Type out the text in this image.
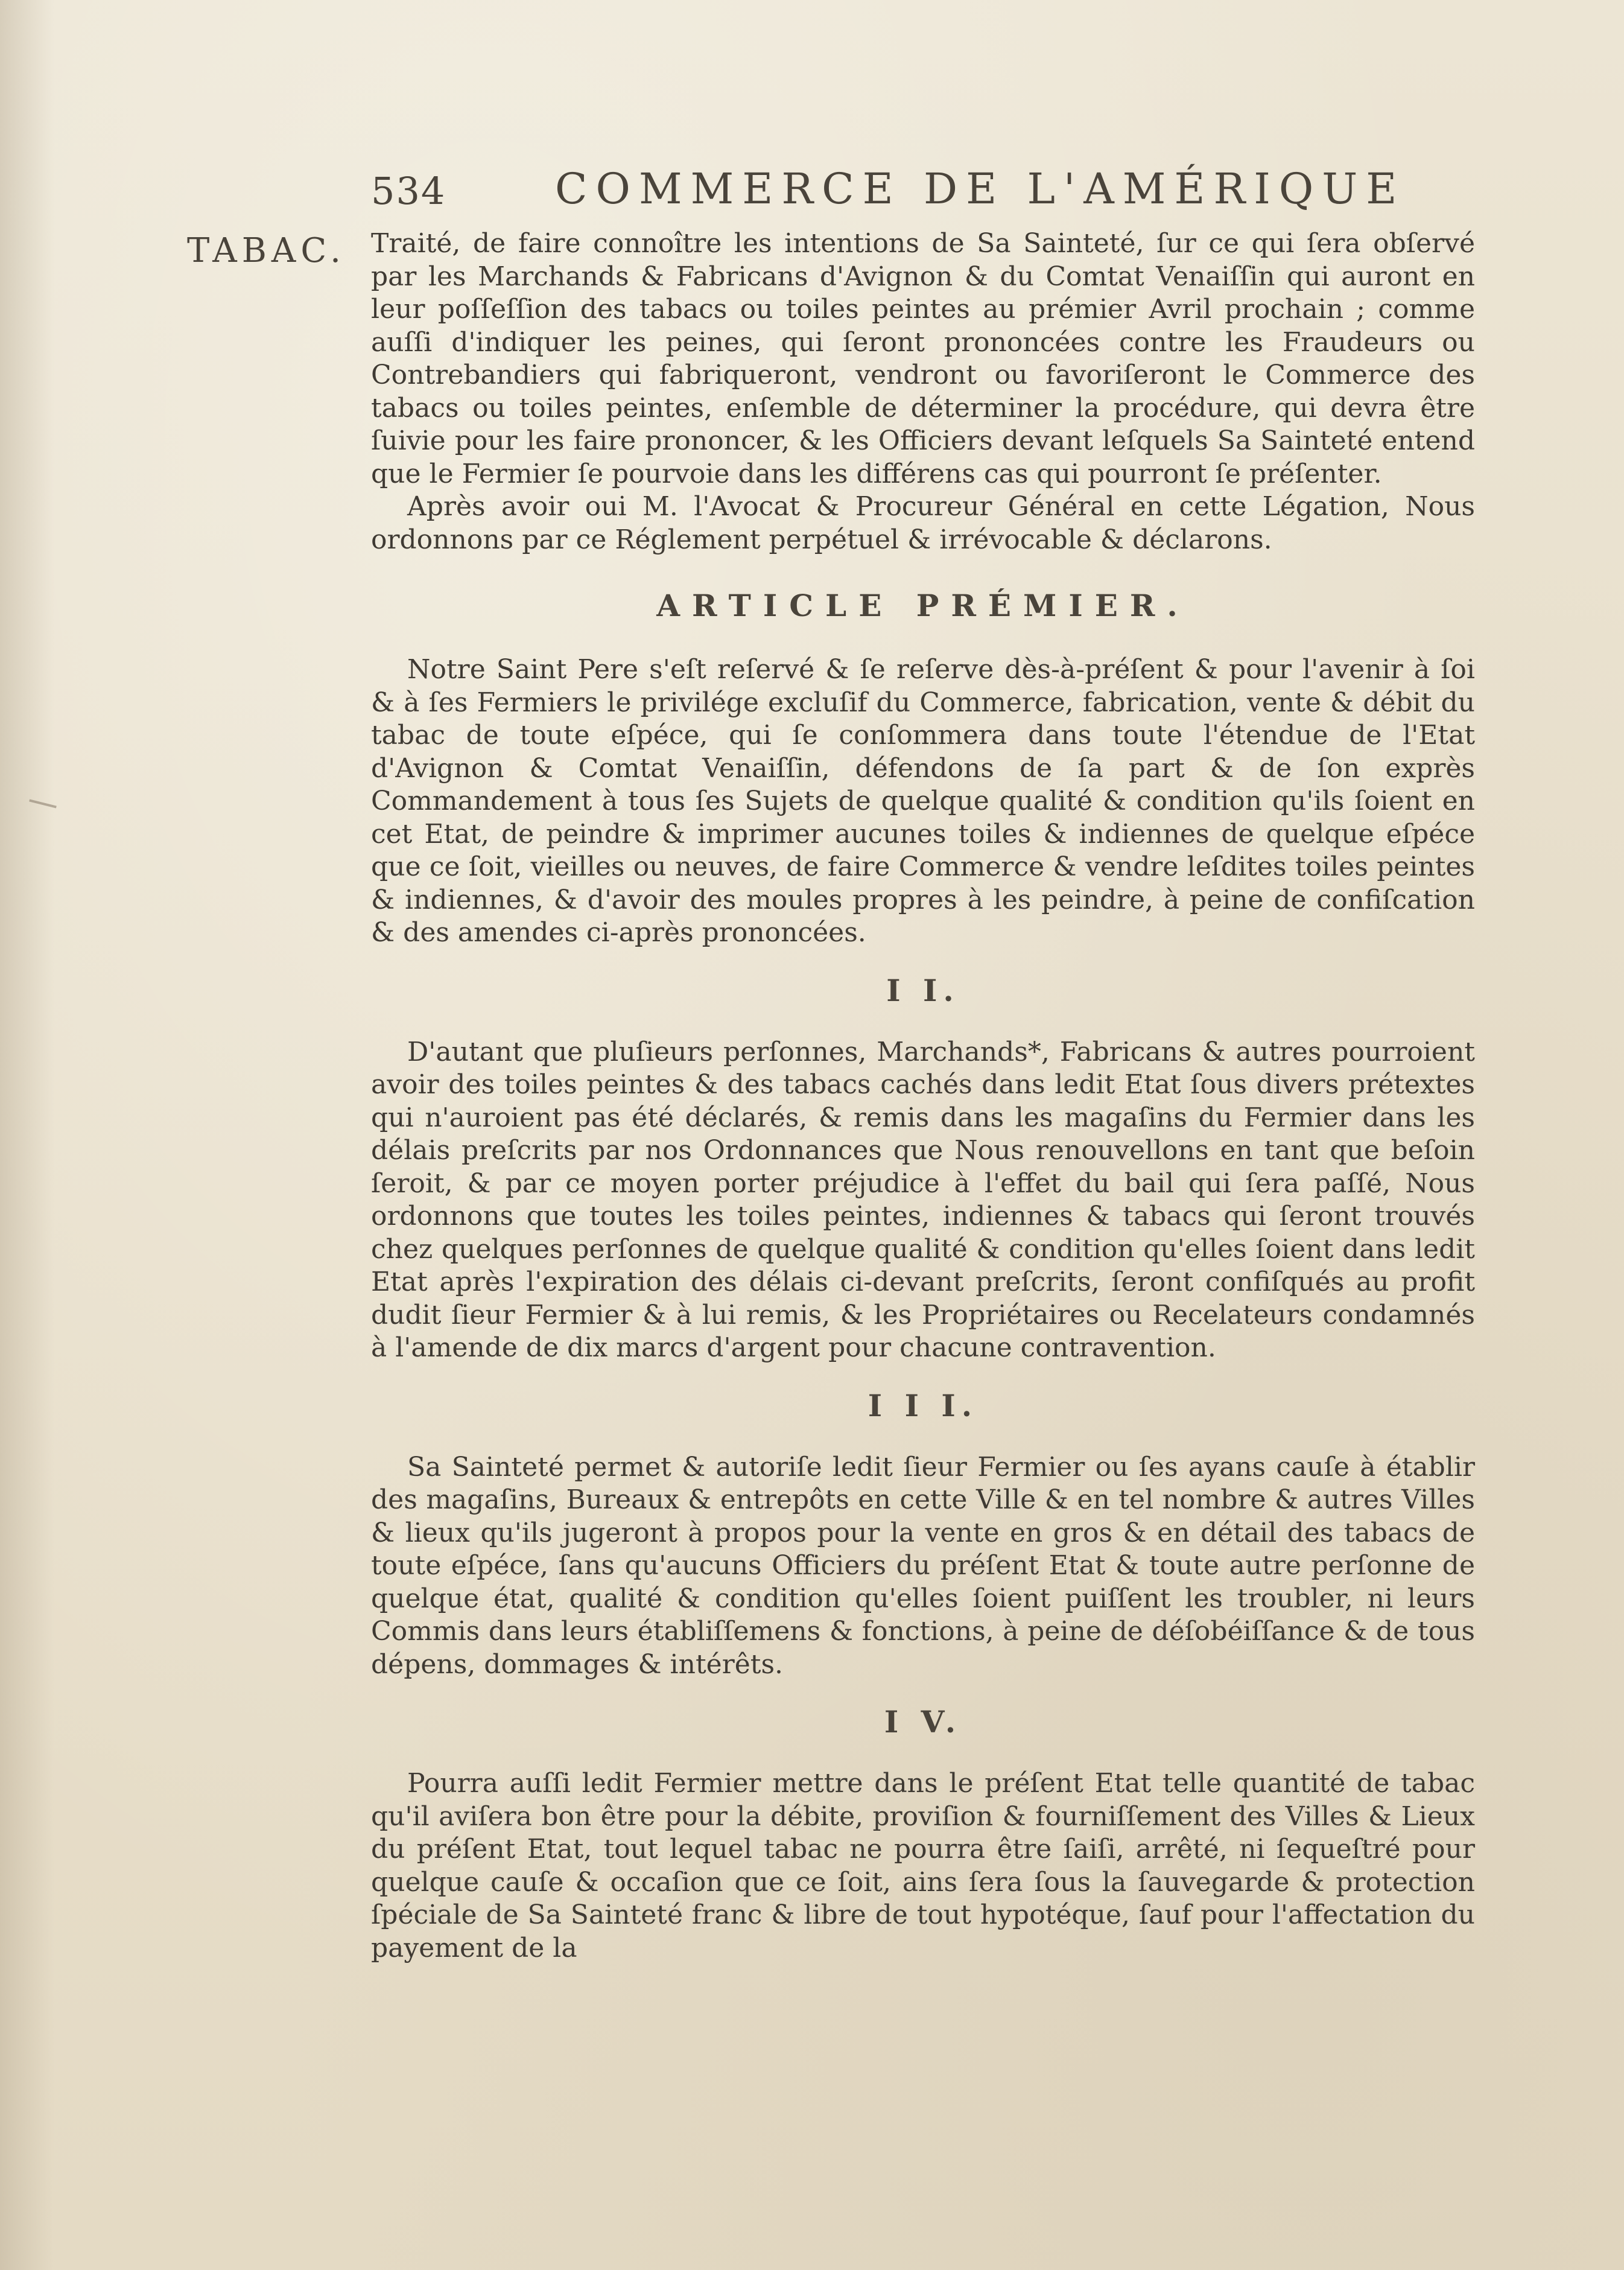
534	COMMERCE DE L'AMÉRIQUE
TABAC. Traité, de faire connoître les intentions de Sa Sainteté, ſur ce qui ſera obſervé par les Marchands & Fabricans d'Avignon & du Comtat Venaiſſin qui auront en leur poſſeſſion des tabacs ou toiles peintes au prémier Avril prochain ; comme auſſi d'indiquer les peines, qui ſeront prononcées contre les Fraudeurs ou Contrebandiers qui fabriqueront, vendront ou favoriſeront le Commerce des tabacs ou toiles peintes, enſemble de déterminer la procédure, qui devra être ſuivie pour les faire prononcer, & les Officiers devant leſquels Sa Sainteté entend que le Fermier ſe pourvoie dans les différens cas qui pourront ſe préſenter.

Après avoir oui M. l'Avocat & Procureur Général en cette Légation, Nous ordonnons par ce Réglement perpétuel & irrévocable & déclarons.

ARTICLE PRÉMIER.

Notre Saint Pere s'eſt reſervé & ſe reſerve dès-à-préſent & pour l'avenir à ſoi & à ſes Fermiers le privilége excluſif du Commerce, fabrication, vente & débit du tabac de toute eſpéce, qui ſe conſommera dans toute l'étendue de l'Etat d'Avignon & Comtat Venaiſſin, défendons de ſa part & de ſon exprès Commandement à tous ſes Sujets de quelque qualité & condition qu'ils ſoient en cet Etat, de peindre & imprimer aucunes toiles & indiennes de quelque eſpéce que ce ſoit, vieilles ou neuves, de faire Commerce & vendre leſdites toiles peintes & indiennes, & d'avoir des moules propres à les peindre, à peine de confiſcation & des amendes ci-après prononcées.

I I.

D'autant que pluſieurs perſonnes, Marchands*, Fabricans & autres pourroient avoir des toiles peintes & des tabacs cachés dans ledit Etat ſous divers prétextes qui n'auroient pas été déclarés, & remis dans les magaſins du Fermier dans les délais preſcrits par nos Ordonnances que Nous renouvellons en tant que beſoin ſeroit, & par ce moyen porter préjudice à l'effet du bail qui ſera paſſé, Nous ordonnons que toutes les toiles peintes, indiennes & tabacs qui ſeront trouvés chez quelques perſonnes de quelque qualité & condition qu'elles ſoient dans ledit Etat après l'expiration des délais ci-devant preſcrits, ſeront confiſqués au profit dudit ſieur Fermier & à lui remis, & les Propriétaires ou Recelateurs condamnés à l'amende de dix marcs d'argent pour chacune contravention.

I I I.

Sa Sainteté permet & autoriſe ledit ſieur Fermier ou ſes ayans cauſe à établir des magaſins, Bureaux & entrepôts en cette Ville & en tel nombre & autres Villes & lieux qu'ils jugeront à propos pour la vente en gros & en détail des tabacs de toute eſpéce, ſans qu'aucuns Officiers du préſent Etat & toute autre perſonne de quelque état, qualité & condition qu'elles ſoient puiſſent les troubler, ni leurs Commis dans leurs établiſſemens & fonctions, à peine de déſobéiſſance & de tous dépens, dommages & intérêts.

I V.

Pourra auſſi ledit Fermier mettre dans le préſent Etat telle quantité de tabac qu'il aviſera bon être pour la débite, proviſion & fourniſſement des Villes & Lieux du préſent Etat, tout lequel tabac ne pourra être ſaiſi, arrêté, ni ſequeſtré pour quelque cauſe & occaſion que ce ſoit, ains ſera ſous la ſauvegarde & protection ſpéciale de Sa Sainteté franc & libre de tout hypotéque, ſauf pour l'affectation du payement de la
